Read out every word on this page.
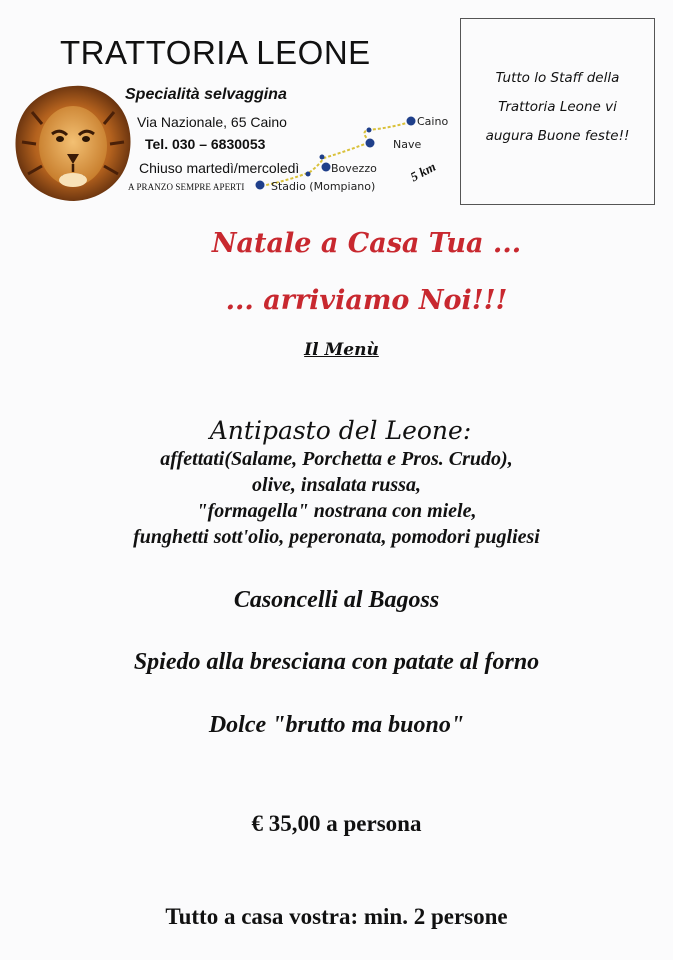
TRATTORIA LEONE
Specialità selvaggina
Via Nazionale, 65 Caino
Tel. 030 – 6830053
Chiuso martedì/mercoledì
A PRANZO SEMPRE APERTI
Caino
Nave
Bovezzo
Stadio (Mompiano)
5 km
Tutto lo Staff della
Trattoria Leone vi
augura Buone feste!!
Natale a Casa Tua ...
... arriviamo Noi!!!
Il Menù
Antipasto del Leone:
affettati(Salame, Porchetta e Pros. Crudo),
olive, insalata russa,
"formagella" nostrana con miele,
funghetti sott'olio, peperonata, pomodori pugliesi
Casoncelli al Bagoss
Spiedo alla bresciana con patate al forno
Dolce "brutto ma buono"
€ 35,00 a persona
Tutto a casa vostra: min. 2 persone
